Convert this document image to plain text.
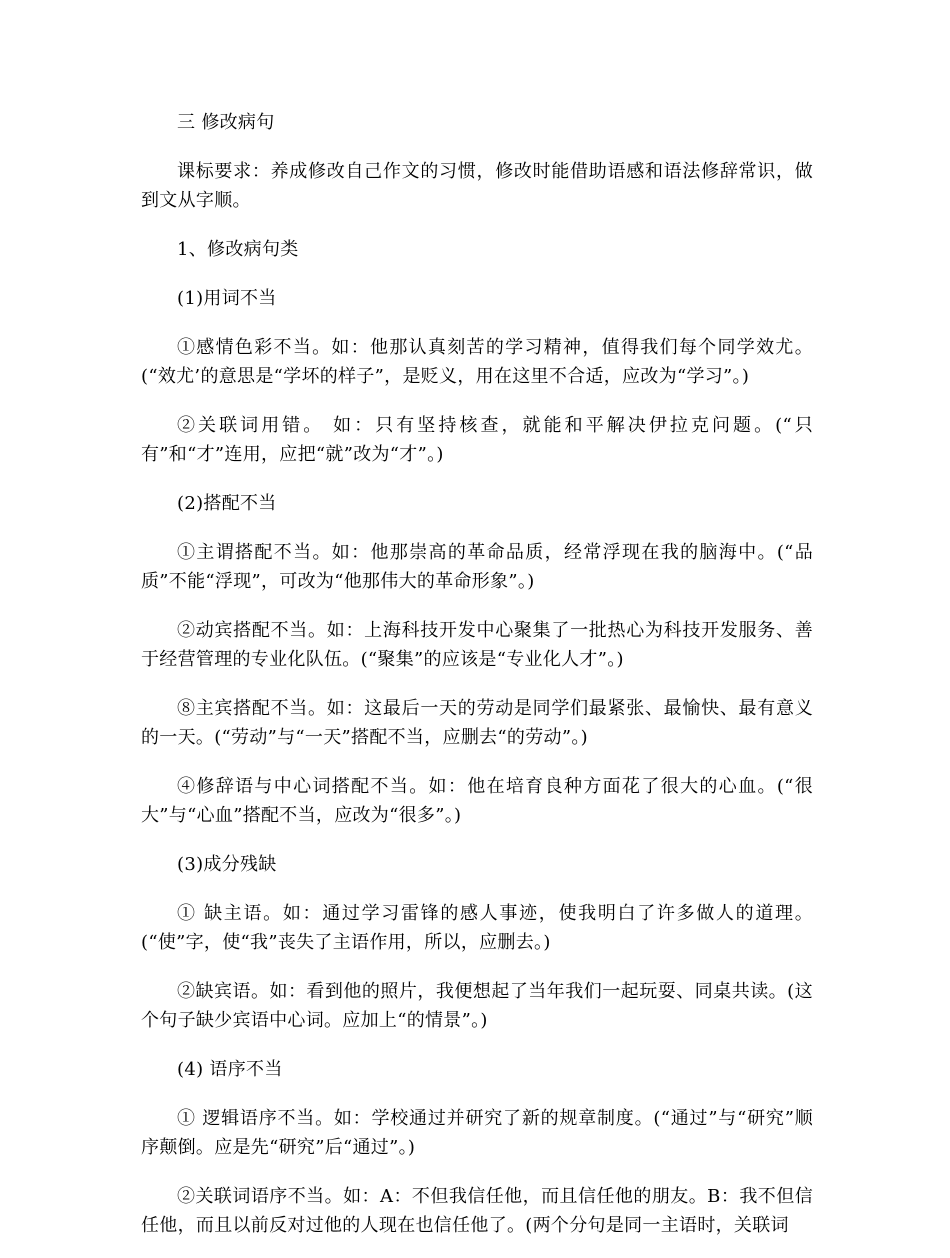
三 修改病句

课标要求：养成修改自己作文的习惯，修改时能借助语感和语法修辞常识，做到文从字顺。

1、修改病句类

(1)用词不当

①感情色彩不当。如：他那认真刻苦的学习精神，值得我们每个同学效尤。(“效尤’的意思是“学坏的样子”，是贬义，用在这里不合适，应改为“学习”。)

②关联词用错。 如：只有坚持核查，就能和平解决伊拉克问题。(“只有”和“才”连用，应把“就”改为“才”。)

(2)搭配不当

①主谓搭配不当。如：他那崇高的革命品质，经常浮现在我的脑海中。(“品质”不能“浮现”，可改为“他那伟大的革命形象”。)

②动宾搭配不当。如：上海科技开发中心聚集了一批热心为科技开发服务、善于经营管理的专业化队伍。(“聚集”的应该是“专业化人才”。)

⑧主宾搭配不当。如：这最后一天的劳动是同学们最紧张、最愉快、最有意义的一天。(“劳动”与“一天”搭配不当，应删去“的劳动”。)

④修辞语与中心词搭配不当。如：他在培育良种方面花了很大的心血。(“很大”与“心血”搭配不当，应改为“很多”。)

(3)成分残缺

① 缺主语。如：通过学习雷锋的感人事迹，使我明白了许多做人的道理。(“使”字，使“我”丧失了主语作用，所以，应删去。)

②缺宾语。如：看到他的照片，我便想起了当年我们一起玩耍、同桌共读。(这个句子缺少宾语中心词。应加上“的情景”。)

(4) 语序不当

① 逻辑语序不当。如：学校通过并研究了新的规章制度。(“通过”与“研究”顺序颠倒。应是先“研究”后“通过”。)

②关联词语序不当。如：A：不但我信任他，而且信任他的朋友。B：我不但信任他，而且以前反对过他的人现在也信任他了。(两个分句是同一主语时，关联词
